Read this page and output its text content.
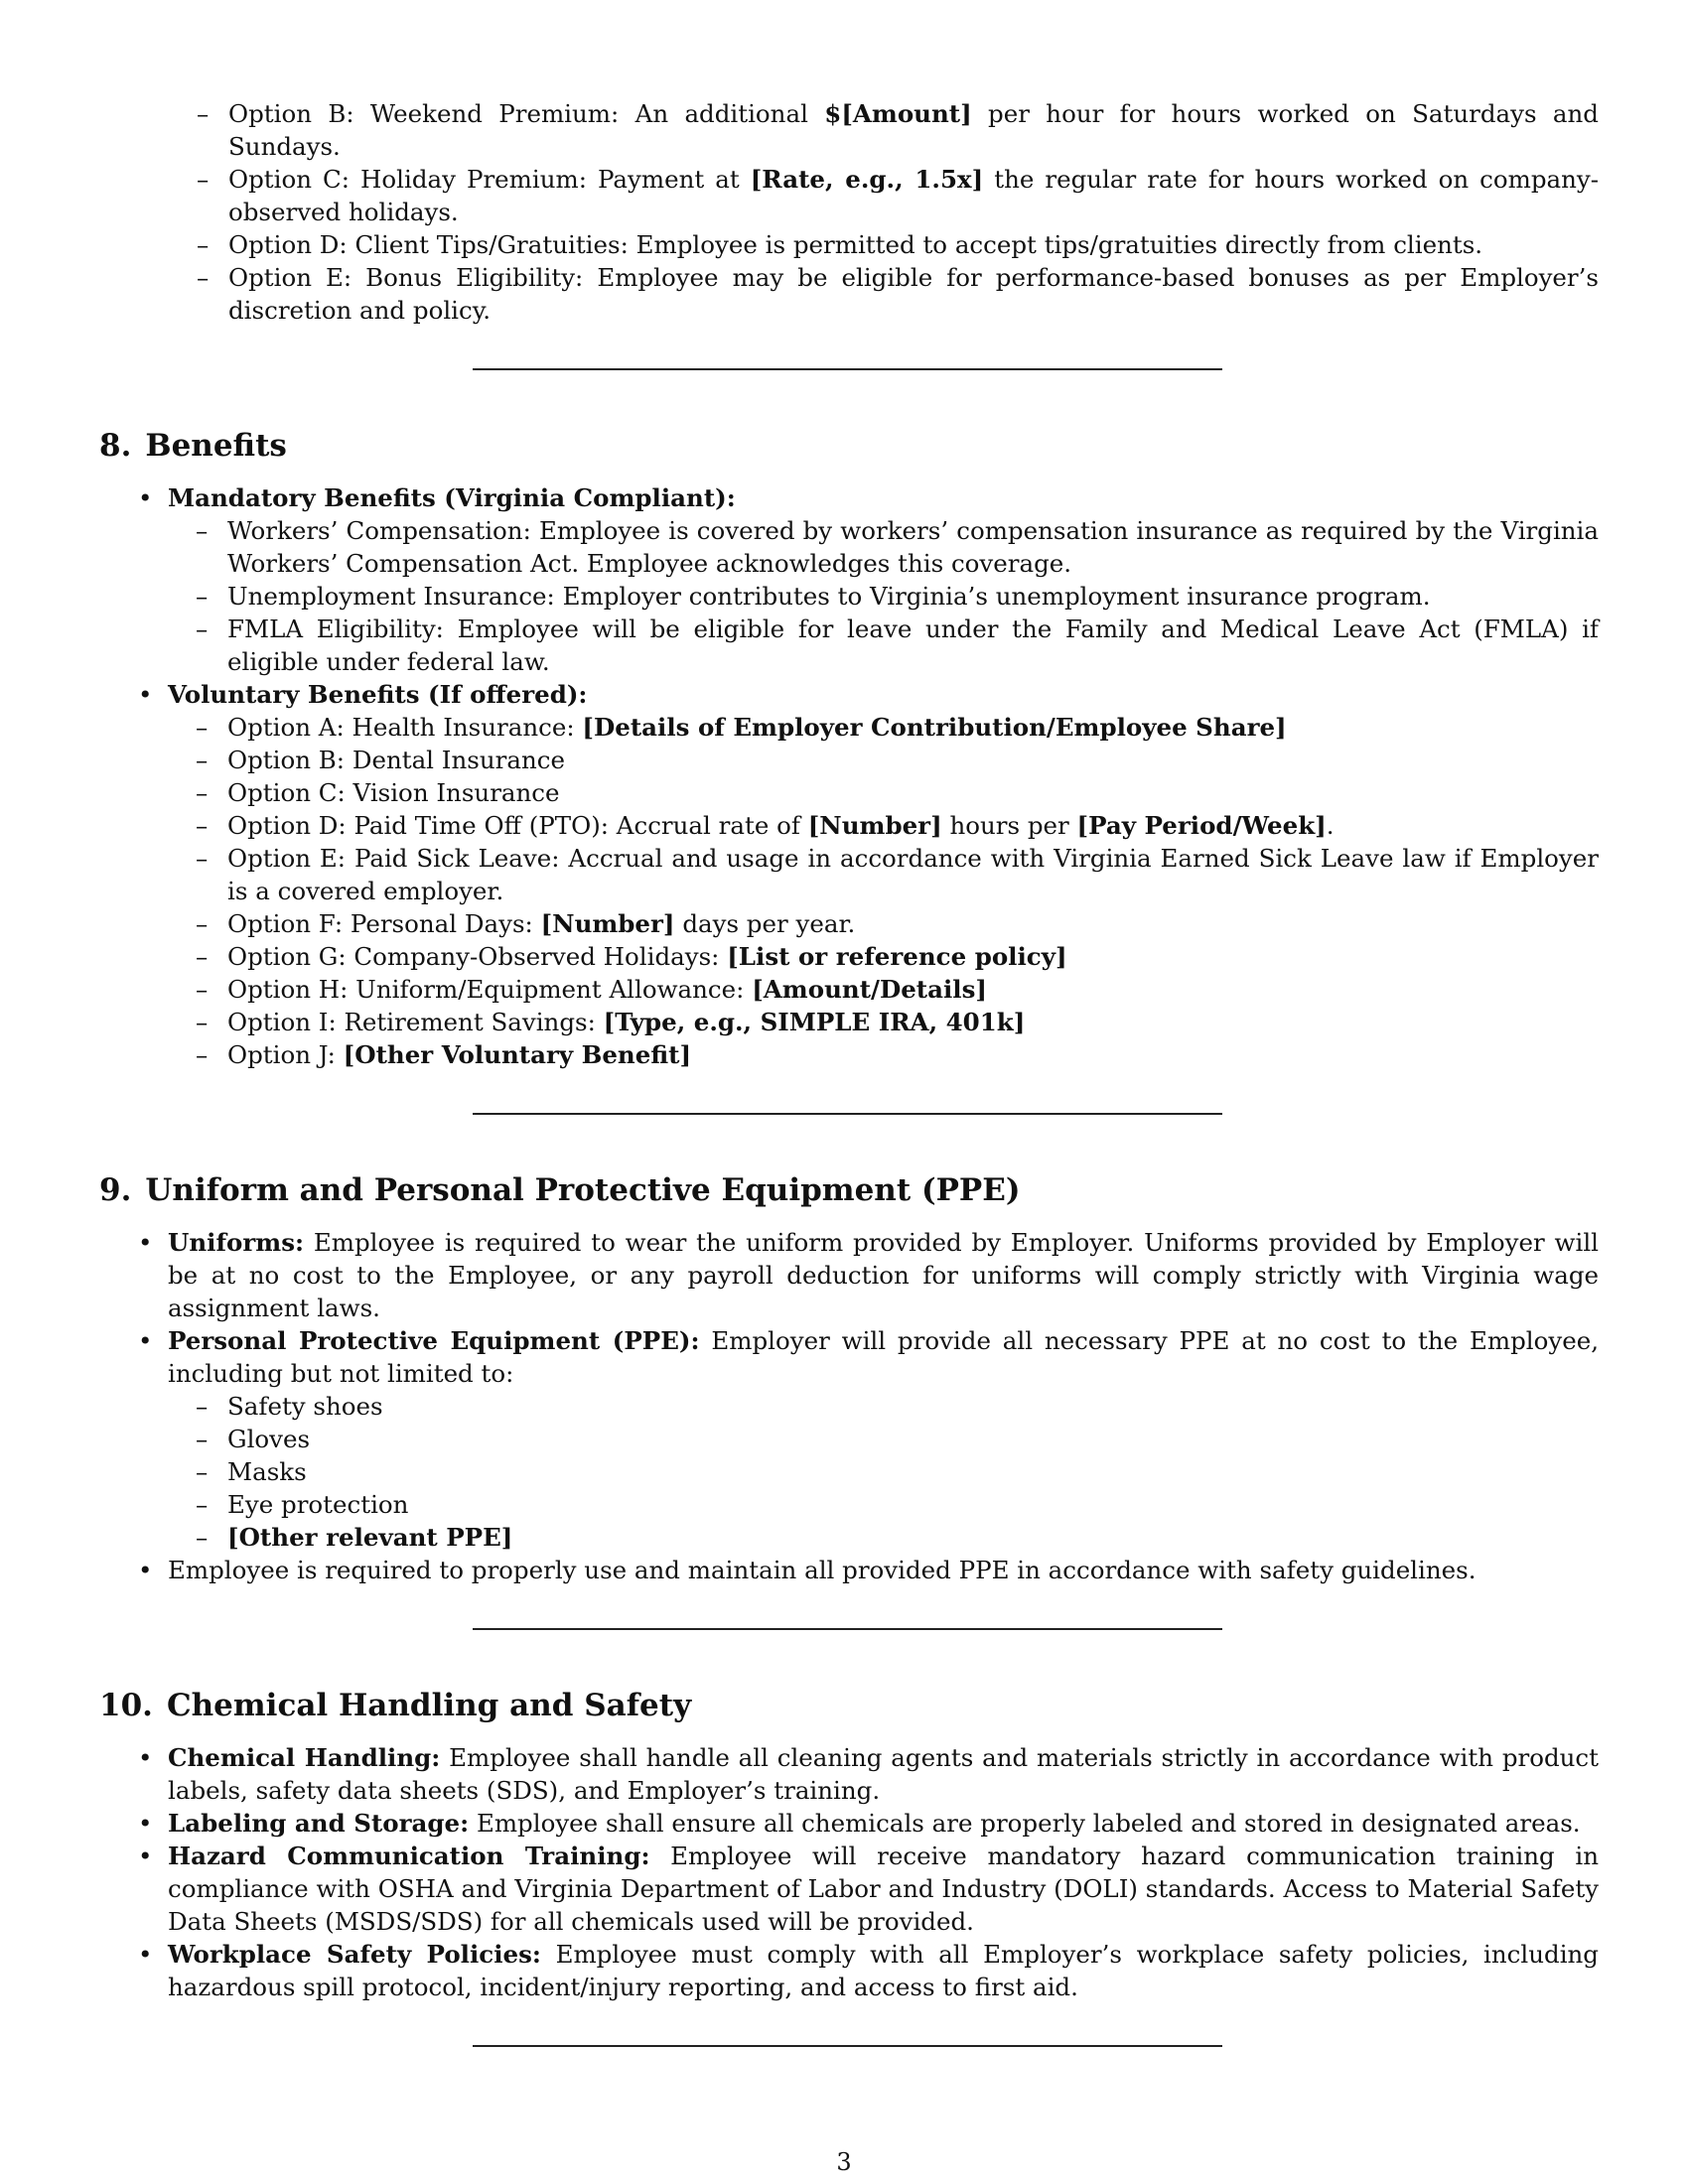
– Option B: Weekend Premium: An additional $[Amount] per hour for hours worked on Saturdays and Sundays.
– Option C: Holiday Premium: Payment at [Rate, e.g., 1.5x] the regular rate for hours worked on company-observed holidays.
– Option D: Client Tips/Gratuities: Employee is permitted to accept tips/gratuities directly from clients.
– Option E: Bonus Eligibility: Employee may be eligible for performance-based bonuses as per Employer’s discretion and policy.
8. Benefits
• Mandatory Benefits (Virginia Compliant):
– Workers’ Compensation: Employee is covered by workers’ compensation insurance as required by the Virginia Workers’ Compensation Act. Employee acknowledges this coverage.
– Unemployment Insurance: Employer contributes to Virginia’s unemployment insurance program.
– FMLA Eligibility: Employee will be eligible for leave under the Family and Medical Leave Act (FMLA) if eligible under federal law.
• Voluntary Benefits (If offered):
– Option A: Health Insurance: [Details of Employer Contribution/Employee Share]
– Option B: Dental Insurance
– Option C: Vision Insurance
– Option D: Paid Time Off (PTO): Accrual rate of [Number] hours per [Pay Period/Week].
– Option E: Paid Sick Leave: Accrual and usage in accordance with Virginia Earned Sick Leave law if Employer is a covered employer.
– Option F: Personal Days: [Number] days per year.
– Option G: Company-Observed Holidays: [List or reference policy]
– Option H: Uniform/Equipment Allowance: [Amount/Details]
– Option I: Retirement Savings: [Type, e.g., SIMPLE IRA, 401k]
– Option J: [Other Voluntary Benefit]
9. Uniform and Personal Protective Equipment (PPE)
• Uniforms: Employee is required to wear the uniform provided by Employer. Uniforms provided by Employer will be at no cost to the Employee, or any payroll deduction for uniforms will comply strictly with Virginia wage assignment laws.
• Personal Protective Equipment (PPE): Employer will provide all necessary PPE at no cost to the Employee, including but not limited to:
– Safety shoes
– Gloves
– Masks
– Eye protection
– [Other relevant PPE]
• Employee is required to properly use and maintain all provided PPE in accordance with safety guidelines.
10. Chemical Handling and Safety
• Chemical Handling: Employee shall handle all cleaning agents and materials strictly in accordance with product labels, safety data sheets (SDS), and Employer’s training.
• Labeling and Storage: Employee shall ensure all chemicals are properly labeled and stored in designated areas.
• Hazard Communication Training: Employee will receive mandatory hazard communication training in compliance with OSHA and Virginia Department of Labor and Industry (DOLI) standards. Access to Material Safety Data Sheets (MSDS/SDS) for all chemicals used will be provided.
• Workplace Safety Policies: Employee must comply with all Employer’s workplace safety policies, including hazardous spill protocol, incident/injury reporting, and access to first aid.
3
